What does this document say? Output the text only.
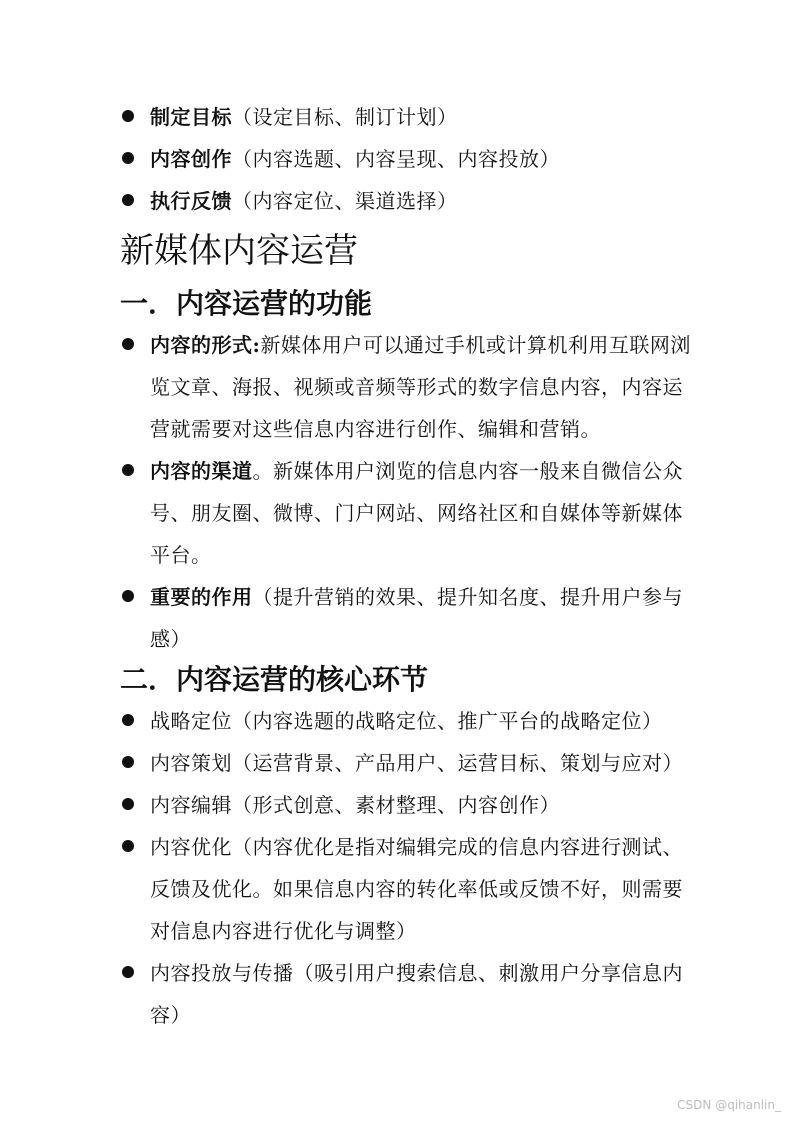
制定目标（设定目标、制订计划）
内容创作（内容选题、内容呈现、内容投放）
执行反馈（内容定位、渠道选择）
新媒体内容运营
一．内容运营的功能
内容的形式:新媒体用户可以通过手机或计算机利用互联网浏览文章、海报、视频或音频等形式的数字信息内容，内容运营就需要对这些信息内容进行创作、编辑和营销。
内容的渠道。新媒体用户浏览的信息内容一般来自微信公众号、朋友圈、微博、门户网站、网络社区和自媒体等新媒体平台。
重要的作用（提升营销的效果、提升知名度、提升用户参与感）
二．内容运营的核心环节
战略定位（内容选题的战略定位、推广平台的战略定位）
内容策划（运营背景、产品用户、运营目标、策划与应对）
内容编辑（形式创意、素材整理、内容创作）
内容优化（内容优化是指对编辑完成的信息内容进行测试、反馈及优化。如果信息内容的转化率低或反馈不好，则需要对信息内容进行优化与调整）
内容投放与传播（吸引用户搜索信息、刺激用户分享信息内容）
CSDN @qihanlin_
